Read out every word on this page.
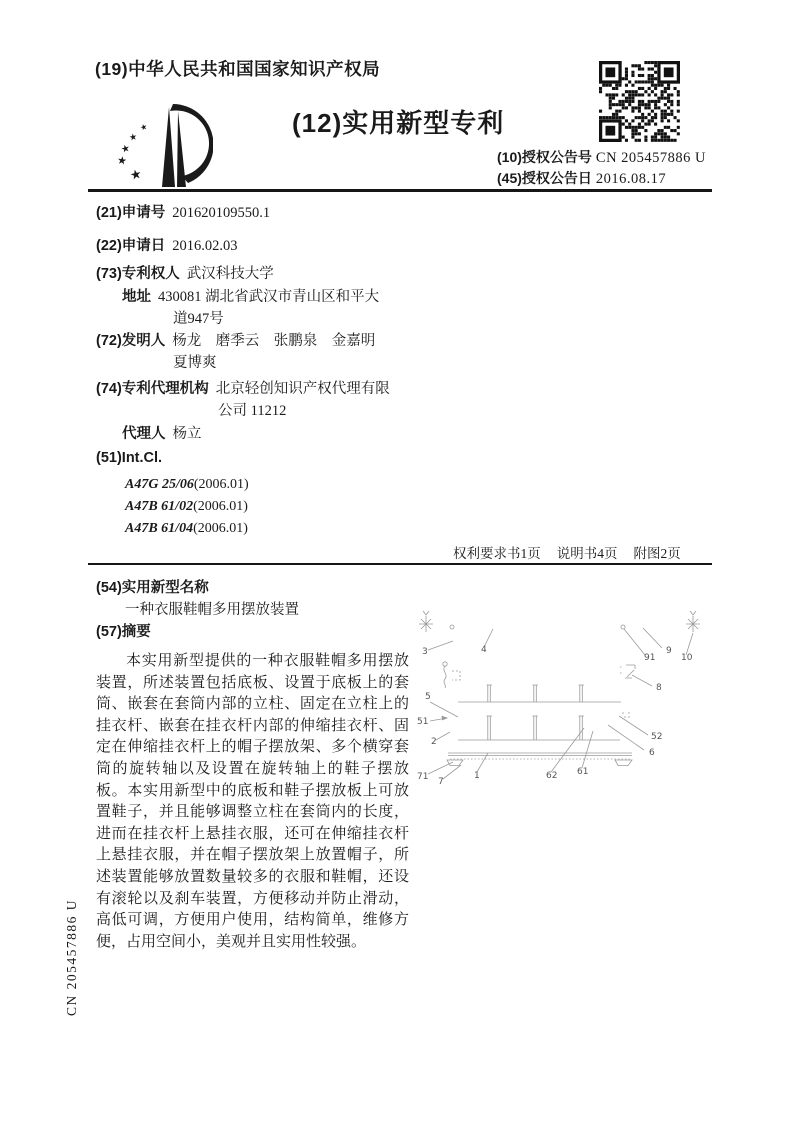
(19)中华人民共和国国家知识产权局
★
★
★
★
★
(12)实用新型专利
(10)授权公告号 CN 205457886 U
(45)授权公告日 2016.08.17
(21)申请号 201620109550.1
(22)申请日 2016.02.03
(73)专利权人 武汉科技大学
地址 430081 湖北省武汉市青山区和平大
道947号
(72)发明人 杨龙　磨季云　张鹏泉　金嘉明
夏博爽
(74)专利代理机构 北京轻创知识产权代理有限
公司 11212
代理人 杨立
(51)Int.Cl.
A47G 25/06(2006.01)
A47B 61/02(2006.01)
A47B 61/04(2006.01)
权利要求书1页 说明书4页 附图2页
(54)实用新型名称
一种衣服鞋帽多用摆放装置
(57)摘要

本实用新型提供的一种衣服鞋帽多用摆放装置，所述装置包括底板、设置于底板上的套筒、嵌套在套筒内部的立柱、固定在立柱上的挂衣杆、嵌套在挂衣杆内部的伸缩挂衣杆、固定在伸缩挂衣杆上的帽子摆放架、多个横穿套筒的旋转轴以及设置在旋转轴上的鞋子摆放板。本实用新型中的底板和鞋子摆放板上可放置鞋子，并且能够调整立柱在套筒内的长度，进而在挂衣杆上悬挂衣服，还可在伸缩挂衣杆上悬挂衣服，并在帽子摆放架上放置帽子，所述装置能够放置数量较多的衣服和鞋帽，还设有滚轮以及刹车装置，方便移动并防止滑动，高低可调，方便用户使用，结构简单，维修方便，占用空间小，美观并且实用性较强。

3	4
91
9
10
8
5
51
2	52
6
71 7
1	62 61
CN 205457886 U
